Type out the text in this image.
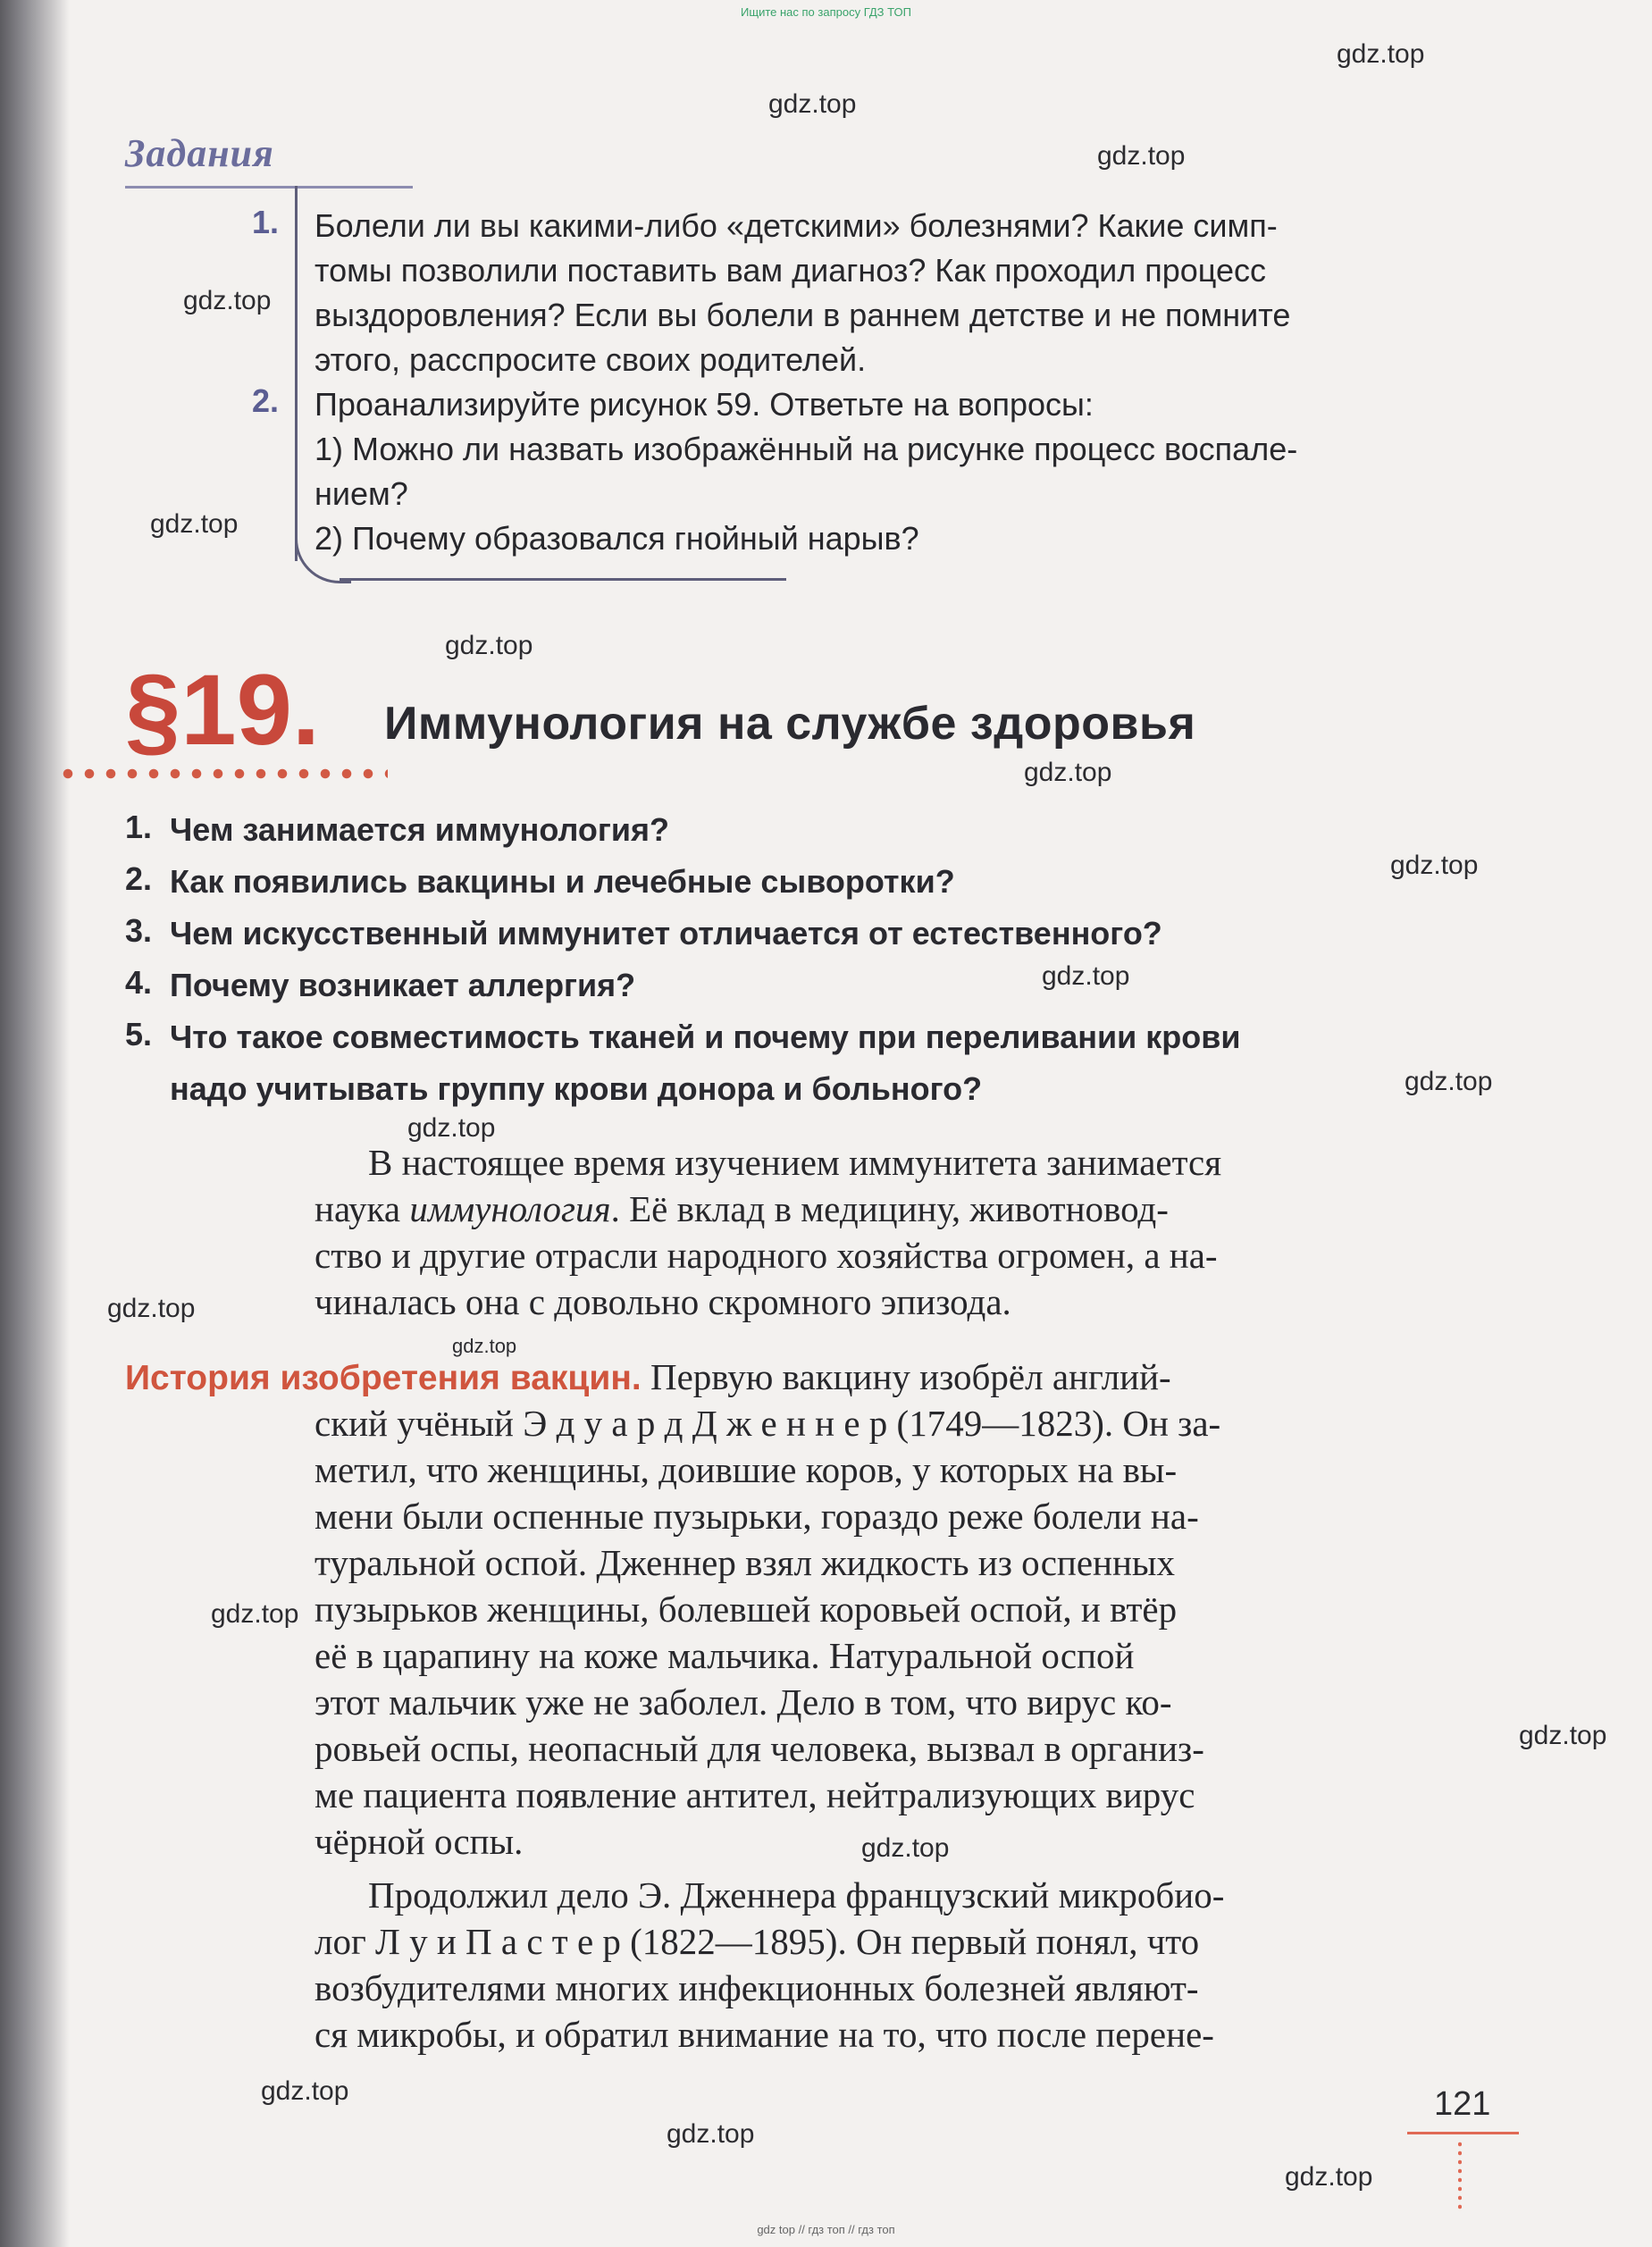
Ищите нас по запросу ГДЗ ТОП
gdz.top
gdz.top
gdz.top
gdz.top
gdz.top
gdz.top
gdz.top
gdz.top
gdz.top
gdz.top
gdz.top
gdz.top
gdz.top
gdz.top
gdz.top
gdz.top
gdz.top
gdz.top
gdz.top
Задания
1. Болели ли вы какими-либо «детскими» болезнями? Какие симп-
томы позволили поставить вам диагноз? Как проходил процесс
выздоровления? Если вы болели в раннем детстве и не помните
этого, расспросите своих родителей.
2. Проанализируйте рисунок 59. Ответьте на вопросы:
1) Можно ли назвать изображённый на рисунке процесс воспале-
нием?
2) Почему образовался гнойный нарыв?
§19. Иммунология на службе здоровья
1. Чем занимается иммунология?
2. Как появились вакцины и лечебные сыворотки?
3. Чем искусственный иммунитет отличается от естественного?
4. Почему возникает аллергия?
5. Что такое совместимость тканей и почему при переливании крови
надо учитывать группу крови донора и больного?
В настоящее время изучением иммунитета занимается
наука иммунология. Её вклад в медицину, животновод-
ство и другие отрасли народного хозяйства огромен, а на-
чиналась она с довольно скромного эпизода.
История изобретения вакцин. Первую вакцину изобрёл англий-
ский учёный Э д у а р д Д ж е н н е р (1749—1823). Он за-
метил, что женщины, доившие коров, у которых на вы-
мени были оспенные пузырьки, гораздо реже болели на-
туральной оспой. Дженнер взял жидкость из оспенных
пузырьков женщины, болевшей коровьей оспой, и втёр
её в царапину на коже мальчика. Натуральной оспой
этот мальчик уже не заболел. Дело в том, что вирус ко-
ровьей оспы, неопасный для человека, вызвал в организ-
ме пациента появление антител, нейтрализующих вирус
чёрной оспы.
Продолжил дело Э. Дженнера французский микробио-
лог Л у и П а с т е р (1822—1895). Он первый понял, что
возбудителями многих инфекционных болезней являют-
ся микробы, и обратил внимание на то, что после перене-
121
gdz top // гдз топ // гдз топ
